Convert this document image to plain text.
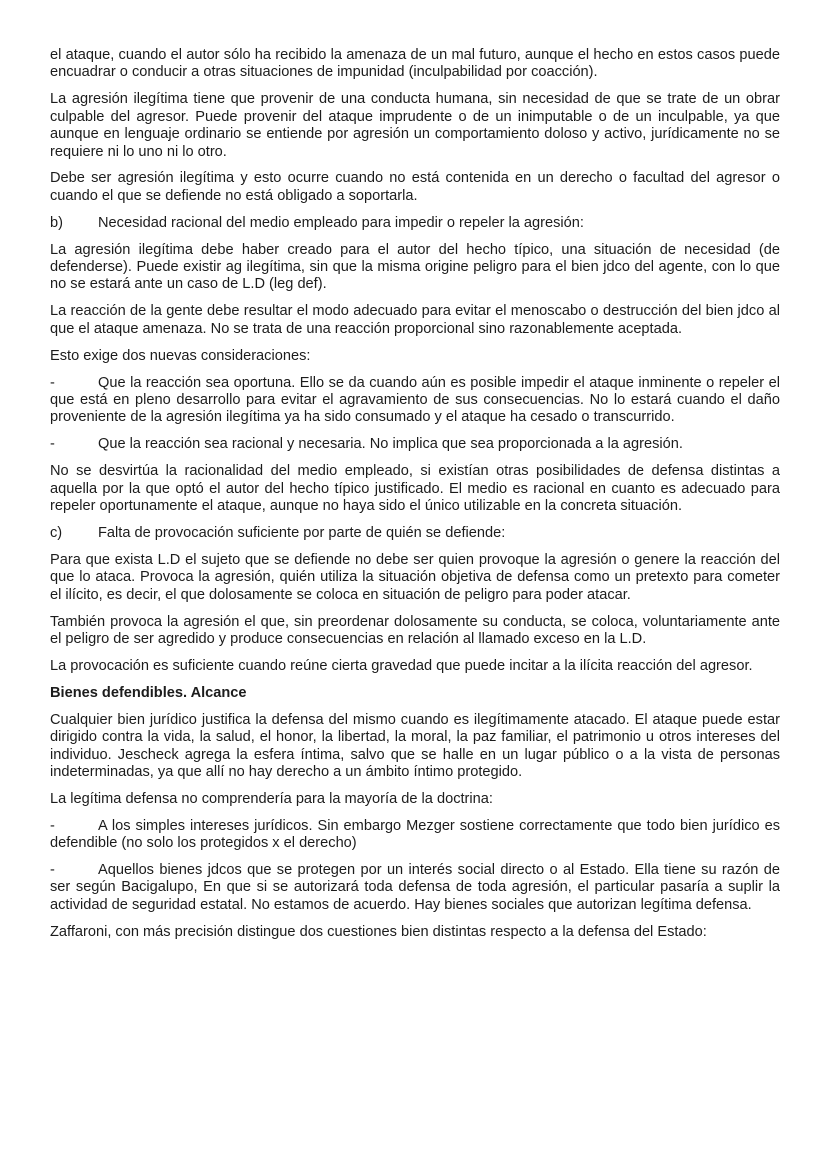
el ataque, cuando el autor sólo ha recibido la amenaza de un mal futuro, aunque el hecho en estos casos puede encuadrar o conducir a otras situaciones de impunidad (inculpabilidad por coacción).

La agresión ilegítima tiene que provenir de una conducta humana, sin necesidad de que se trate de un obrar culpable del agresor. Puede provenir del ataque imprudente o de un inimputable o de un inculpable, ya que aunque en lenguaje ordinario se entiende por agresión un comportamiento doloso y activo, jurídicamente no se requiere ni lo uno ni lo otro.

Debe ser agresión ilegítima y esto ocurre cuando no está contenida en un derecho o facultad del agresor o cuando el que se defiende no está obligado a soportarla.

b) Necesidad racional del medio empleado para impedir o repeler la agresión:

La agresión ilegítima debe haber creado para el autor del hecho típico, una situación de necesidad (de defenderse). Puede existir ag ilegítima, sin que la misma origine peligro para el bien jdco del agente, con lo que no se estará ante un caso de L.D (leg def).

La reacción de la gente debe resultar el modo adecuado para evitar el menoscabo o destrucción del bien jdco al que el ataque amenaza. No se trata de una reacción proporcional sino razonablemente aceptada.

Esto exige dos nuevas consideraciones:

-	Que la reacción sea oportuna. Ello se da cuando aún es posible impedir el ataque inminente o repeler el que está en pleno desarrollo para evitar el agravamiento de sus consecuencias. No lo estará cuando el daño proveniente de la agresión ilegítima ya ha sido consumado y el ataque ha cesado o transcurrido.

-	Que la reacción sea racional y necesaria. No implica que sea proporcionada a la agresión.

No se desvirtúa la racionalidad del medio empleado, si existían otras posibilidades de defensa distintas a aquella por la que optó el autor del hecho típico justificado. El medio es racional en cuanto es adecuado para repeler oportunamente el ataque, aunque no haya sido el único utilizable en la concreta situación.

c) Falta de provocación suficiente por parte de quién se defiende:

Para que exista L.D el sujeto que se defiende no debe ser quien provoque la agresión o genere la reacción del que lo ataca. Provoca la agresión, quién utiliza la situación objetiva de defensa como un pretexto para cometer el ilícito, es decir, el que dolosamente se coloca en situación de peligro para poder atacar.

También provoca la agresión el que, sin preordenar dolosamente su conducta, se coloca, voluntariamente ante el peligro de ser agredido y produce consecuencias en relación al llamado exceso en la L.D.

La provocación es suficiente cuando reúne cierta gravedad que puede incitar a la ilícita reacción del agresor.

Bienes defendibles. Alcance

Cualquier bien jurídico justifica la defensa del mismo cuando es ilegítimamente atacado. El ataque puede estar dirigido contra la vida, la salud, el honor, la libertad, la moral, la paz familiar, el patrimonio u otros intereses del individuo. Jescheck agrega la esfera íntima, salvo que se halle en un lugar público o a la vista de personas indeterminadas, ya que allí no hay derecho a un ámbito íntimo protegido.

La legítima defensa no comprendería para la mayoría de la doctrina:

-	A los simples intereses jurídicos. Sin embargo Mezger sostiene correctamente que todo bien jurídico es defendible (no solo los protegidos x el derecho)

-	Aquellos bienes jdcos que se protegen por un interés social directo o al Estado. Ella tiene su razón de ser según Bacigalupo, En que si se autorizará toda defensa de toda agresión, el particular pasaría a suplir la actividad de seguridad estatal. No estamos de acuerdo. Hay bienes sociales que autorizan legítima defensa.

Zaffaroni, con más precisión distingue dos cuestiones bien distintas respecto a la defensa del Estado:
